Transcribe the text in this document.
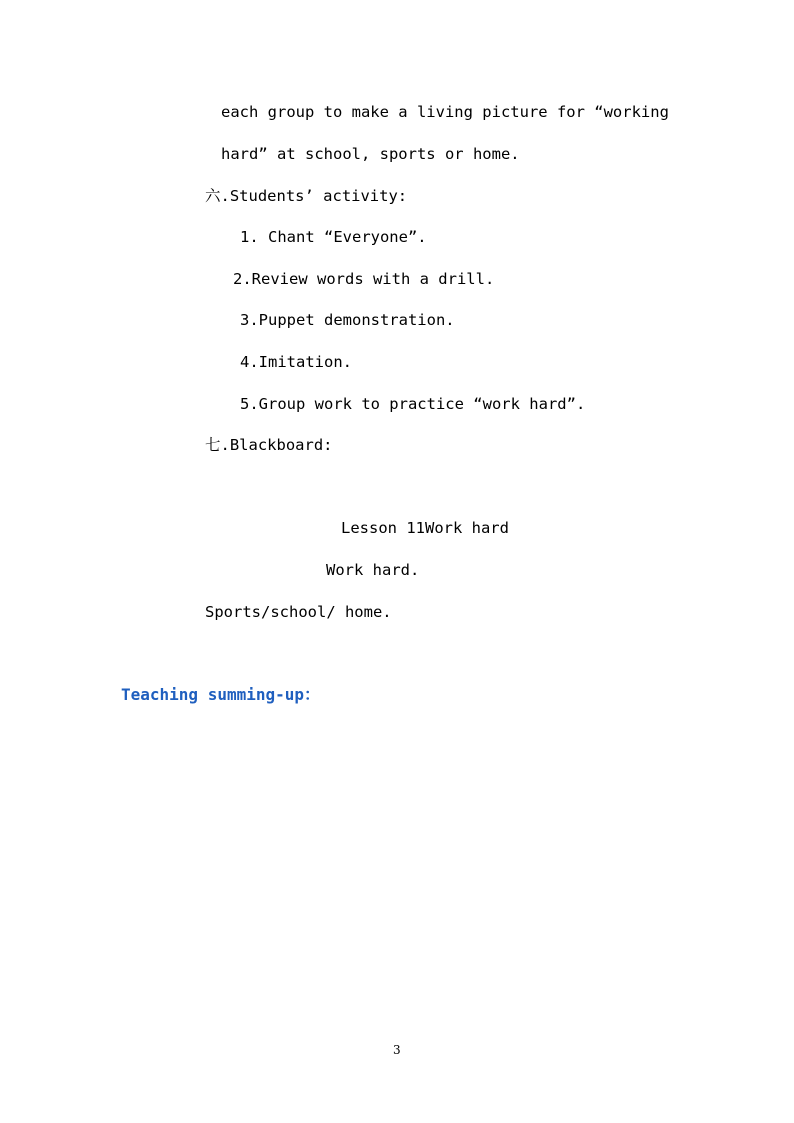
each group to make a living picture for “working
hard” at school, sports or home.
六.Students’ activity:
1. Chant “Everyone”.
2.Review words with a drill.
3.Puppet demonstration.
4.Imitation.
5.Group work to practice “work hard”.
七.Blackboard:
Lesson 11Work hard
Work hard.
Sports/school/ home.
Teaching summing-up：
3
